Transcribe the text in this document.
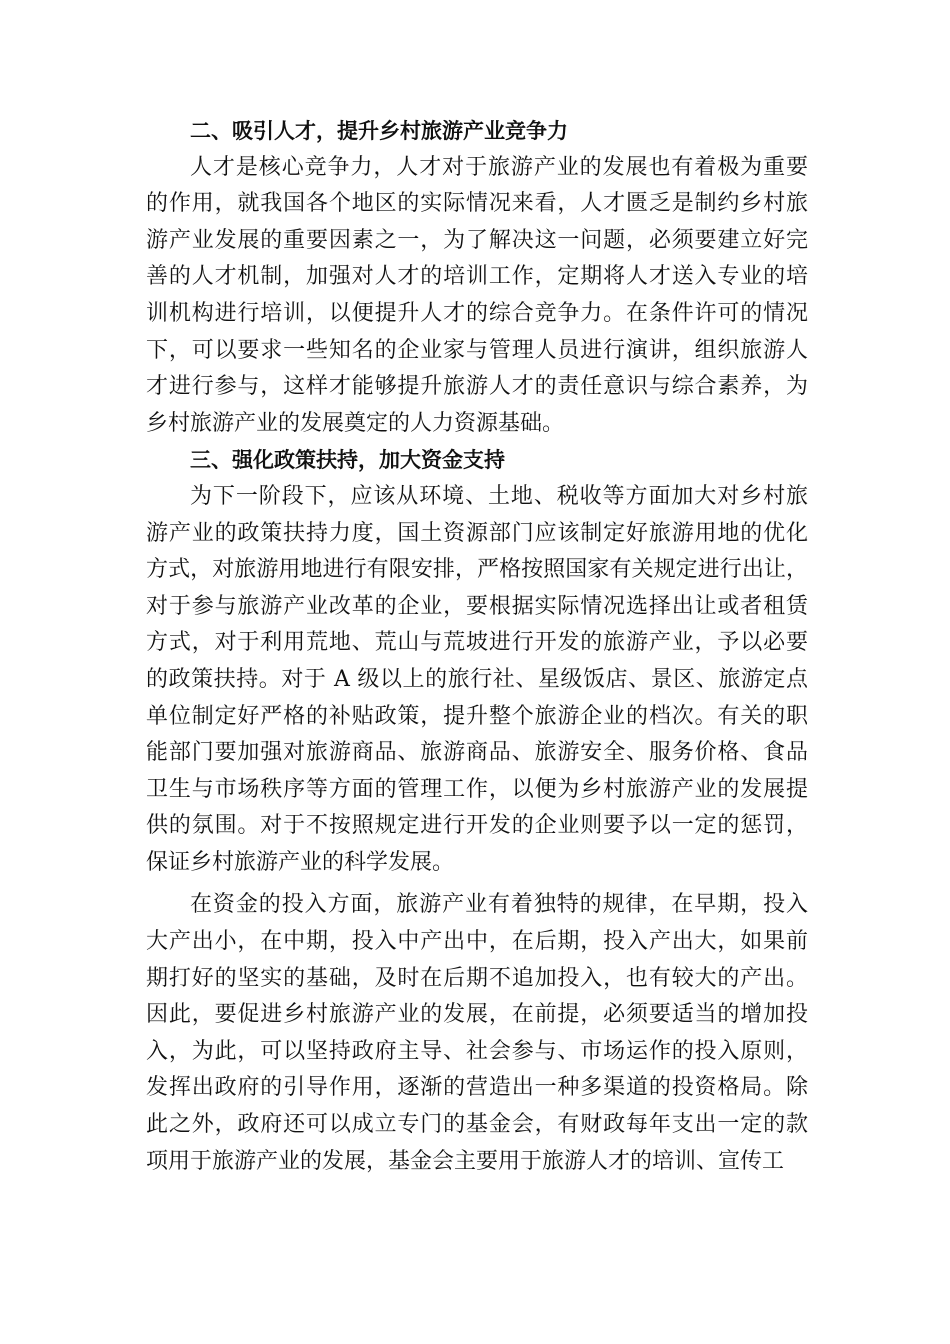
二、吸引人才，提升乡村旅游产业竞争力
人才是核心竞争力，人才对于旅游产业的发展也有着极为重要
的作用，就我国各个地区的实际情况来看，人才匮乏是制约乡村旅
游产业发展的重要因素之一，为了解决这一问题，必须要建立好完
善的人才机制，加强对人才的培训工作，定期将人才送入专业的培
训机构进行培训，以便提升人才的综合竞争力。在条件许可的情况
下，可以要求一些知名的企业家与管理人员进行演讲，组织旅游人
才进行参与，这样才能够提升旅游人才的责任意识与综合素养，为
乡村旅游产业的发展奠定的人力资源基础。
三、强化政策扶持，加大资金支持
为下一阶段下，应该从环境、土地、税收等方面加大对乡村旅
游产业的政策扶持力度，国土资源部门应该制定好旅游用地的优化
方式，对旅游用地进行有限安排，严格按照国家有关规定进行出让，
对于参与旅游产业改革的企业，要根据实际情况选择出让或者租赁
方式，对于利用荒地、荒山与荒坡进行开发的旅游产业，予以必要
的政策扶持。对于 A 级以上的旅行社、星级饭店、景区、旅游定点
单位制定好严格的补贴政策，提升整个旅游企业的档次。有关的职
能部门要加强对旅游商品、旅游商品、旅游安全、服务价格、食品
卫生与市场秩序等方面的管理工作，以便为乡村旅游产业的发展提
供的氛围。对于不按照规定进行开发的企业则要予以一定的惩罚，
保证乡村旅游产业的科学发展。
在资金的投入方面，旅游产业有着独特的规律，在早期，投入
大产出小，在中期，投入中产出中，在后期，投入产出大，如果前
期打好的坚实的基础，及时在后期不追加投入，也有较大的产出。
因此，要促进乡村旅游产业的发展，在前提，必须要适当的增加投
入，为此，可以坚持政府主导、社会参与、市场运作的投入原则，
发挥出政府的引导作用，逐渐的营造出一种多渠道的投资格局。除
此之外，政府还可以成立专门的基金会，有财政每年支出一定的款
项用于旅游产业的发展，基金会主要用于旅游人才的培训、宣传工
